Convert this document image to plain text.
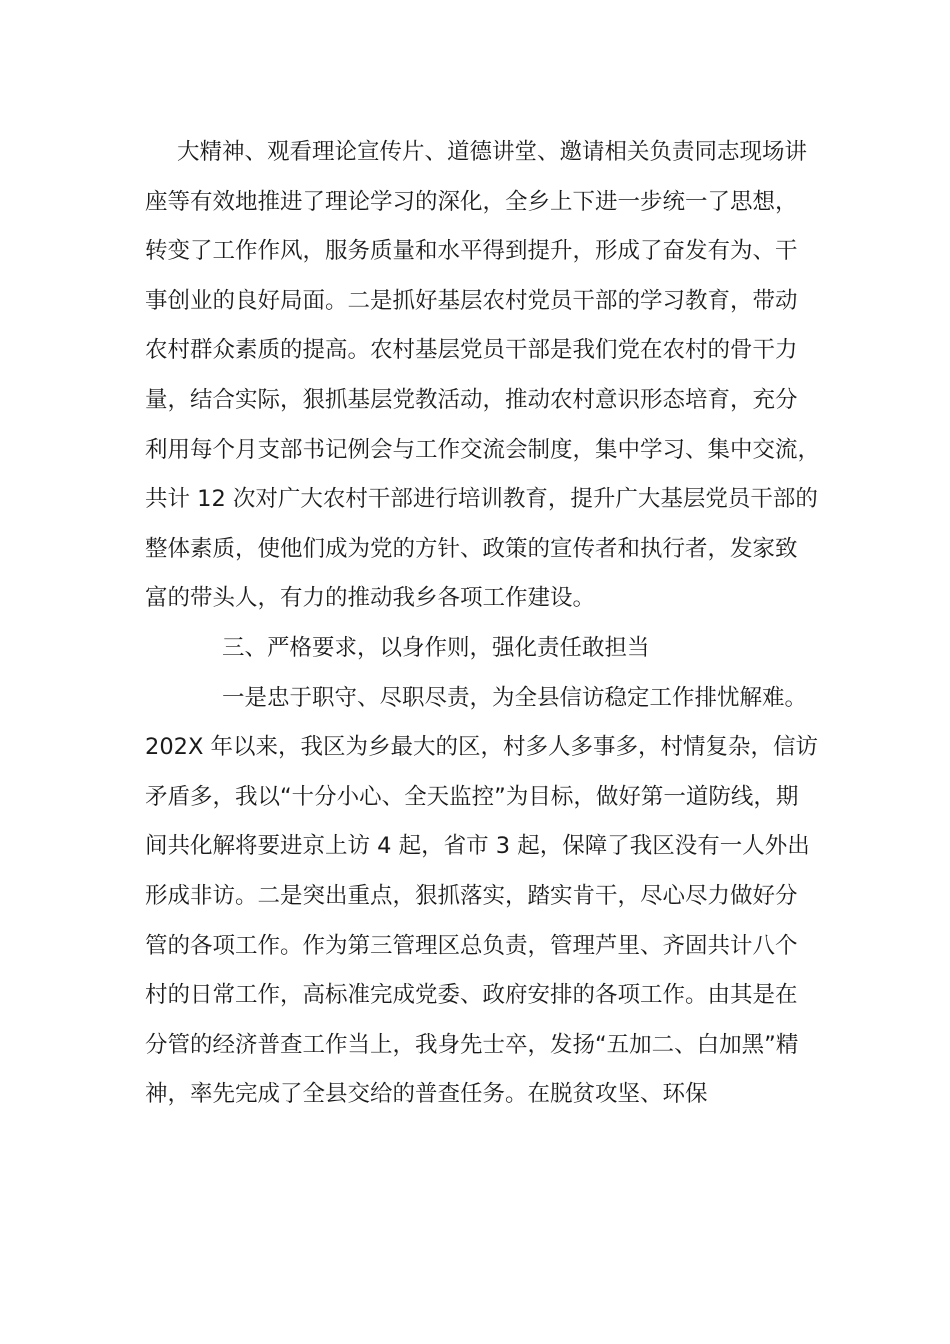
大精神、观看理论宣传片、道德讲堂、邀请相关负责同志现场讲
座等有效地推进了理论学习的深化，全乡上下进一步统一了思想，
转变了工作作风，服务质量和水平得到提升，形成了奋发有为、干
事创业的良好局面。二是抓好基层农村党员干部的学习教育，带动
农村群众素质的提高。农村基层党员干部是我们党在农村的骨干力
量，结合实际，狠抓基层党教活动，推动农村意识形态培育，充分
利用每个月支部书记例会与工作交流会制度，集中学习、集中交流，
共计 12 次对广大农村干部进行培训教育，提升广大基层党员干部的
整体素质，使他们成为党的方针、政策的宣传者和执行者，发家致
富的带头人，有力的推动我乡各项工作建设。
三、严格要求，以身作则，强化责任敢担当
一是忠于职守、尽职尽责，为全县信访稳定工作排忧解难。
202X 年以来，我区为乡最大的区，村多人多事多，村情复杂，信访
矛盾多，我以“十分小心、全天监控”为目标，做好第一道防线，期
间共化解将要进京上访 4 起，省市 3 起，保障了我区没有一人外出
形成非访。二是突出重点，狠抓落实，踏实肯干，尽心尽力做好分
管的各项工作。作为第三管理区总负责，管理芦里、齐固共计八个
村的日常工作，高标准完成党委、政府安排的各项工作。由其是在
分管的经济普查工作当上，我身先士卒，发扬“五加二、白加黑”精
神，率先完成了全县交给的普查任务。在脱贫攻坚、环保
